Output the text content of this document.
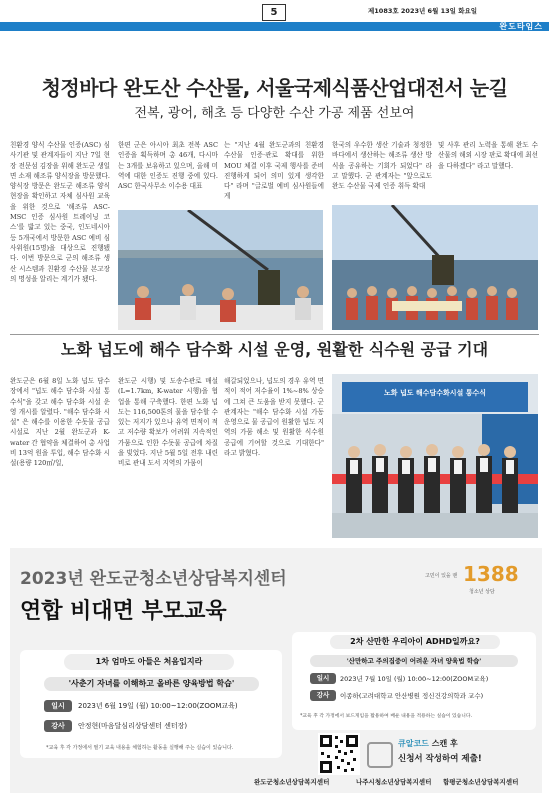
5	제1083호 2023년 6월 13일 화요일
완도타임스
청정바다 완도산 수산물, 서울국제식품산업대전서 눈길
전복, 광어, 해초 등 다양한 수산 가공 제품 선보여
친환경 양식 수산물 인증(ASC) 심사기관 및 관계자들이 지난 7일 현장 전문섬 김장을 위해 완도군 생일면 소재 해조류 양식장을 방문했다. 양식장 방문은 완도군 해조류 양식 현장을 확인하고 자체 심사원 교육을 위한 것으로 '해조류 ASC-MSC 인증 심사원 트레이닝 코스'를 밟고 있는 중국, 인도네시아 등 5개국에서 방문한 ASC 예비 심사위원(15명)을 대상으로 진행됐다. 이번 방문으로 군의 해조류 생산 시스템과 친환경 수산물 본고장의 명성을 알리는 계기가 됐다.
한편 군은 아시아 최초 전복 ASC 인증을 획득하며 총 46개, 다시마는 3개를 보유하고 있으며, 올해 미역에 대한 인증도 진행 중에 있다. ASC 한국사무소 이수용 대표
는 "지난 4월 완도군과의 친환경 수산물 인증·관로 확대를 위한 MOU 체결 이후 국제 행사를 준비 진행하게 되어 의미 있게 생각한다" 라며 "글로벌 예비 심사원들에게
한국의 우수한 생산 기술과 청정한 바다에서 생산하는 해조류 생산 방식을 공유하는 기회가 되었다" 라고 말했다. 군 관계자는 "앞으로도 완도 수산물 국제 인증 취득 확대
및 사후 관리 노력을 통해 완도 수산물의 해외 시장 판로 확대에 최선을 다하겠다" 라고 말했다.
노화 넙도에 해수 담수화 시설 운영, 원활한 식수원 공급 기대
완도군은 6월 8일 노화 넙도 담수장에서 "넙도 해수 담수화 시설 통수식"을 갖고 해수 담수화 시설 운영 개시를 알렸다. "해수 담수화 시설" 은 해수를 이용한 수돗물 공급 시설로 지난 2월 완도군과 K-water 간 협약을 체결하여 총 사업비 13억 원을 투입, 해수 담수화 시설(용량 120㎥/일,
완도군 시행) 및 도송수관로 매설(L=1.7km, K-water 시행)을 협업을 통해 구축했다. 한편 노화 넙도는 116,500톤의 물을 담수할 수 있는 저지가 있으나 유역 면적이 적고 저수량 확보가 어려워 지속적인 가뭄으로 인한 수돗물 공급에 차질을 빚었다. 지난 5월 5일 전후 내린 비로 관내 도서 지역의 가뭄이
해갈되었으나, 넙도의 경우 유역 면적이 적어 저수율이 1%~8% 상승에 그쳐 큰 도움을 받지 못했다. 군 관계자는 "해수 담수화 시설 가동 운영으로 물 공급이 원활한 넙도 지역의 가뭄 해소 및 원활한 식수원 공급에 기여할 것으로 기대한다" 라고 밝혔다.
노화 넙도 해수담수화시설 통수식
2023년 완도군청소년상담복지센터
연합 비대면 부모교육
고민이 있을 땐 1388
청소년 상담
1차 엄마도 아들은 처음입지라
'사춘기 자녀를 이해하고 올바른 양육방법 학습'
일시	2023년 6월 19일 (월) 10:00~12:00(ZOOM교육)
강사	안정현(마음달심리상담센터 센터장)
*교육 후 각 가정에서 필기 교육 내용을 체험하는 활동을 실행해 주는 실습이 있습니다.
2차 산만한 우리아이 ADHD일까요?
'산만하고 주의집중이 어려운 자녀 양육법 학습'
일시	2023년 7월 10일 (월) 10:00~12:00(ZOOM교육)
강사	이종하(고려대학교 안산병원 정신건강의학과 교수)
*교육 후 각 가정에서 보드게임을 활용하여 배운 내용을 적용하는 실습이 있습니다.
큐알코드 스캔 후
신청서 작성하여 제출!
완도군청소년상담복지센터	나주시청소년상담복지센터	함평군청소년상담복지센터
